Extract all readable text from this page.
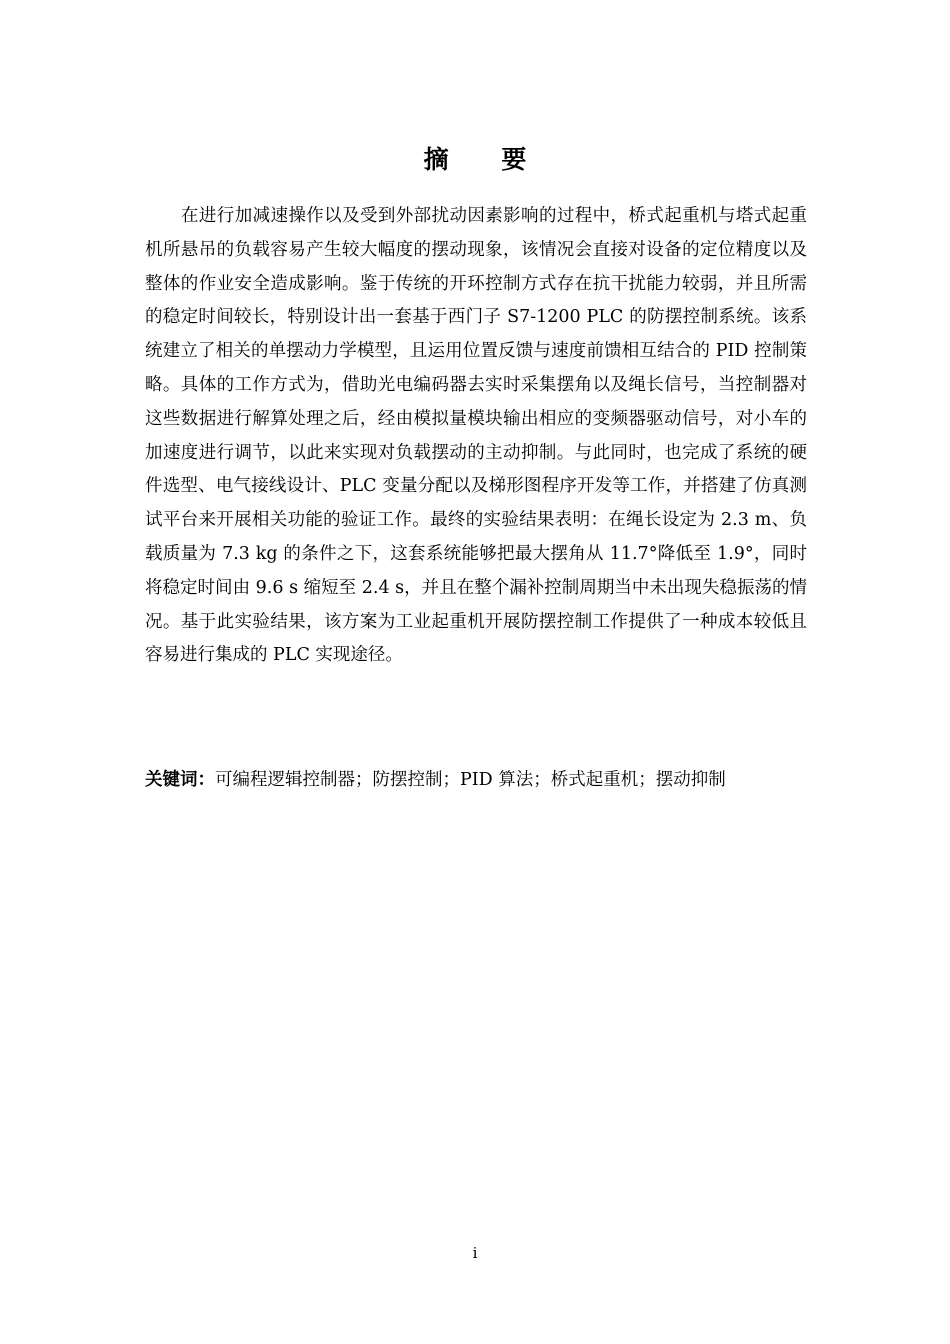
摘 要

在进行加减速操作以及受到外部扰动因素影响的过程中，桥式起重机与塔式起重机所悬吊的负载容易产生较大幅度的摆动现象，该情况会直接对设备的定位精度以及整体的作业安全造成影响。鉴于传统的开环控制方式存在抗干扰能力较弱，并且所需的稳定时间较长，特别设计出一套基于西门子 S7-1200 PLC 的防摆控制系统。该系统建立了相关的单摆动力学模型，且运用位置反馈与速度前馈相互结合的 PID 控制策略。具体的工作方式为，借助光电编码器去实时采集摆角以及绳长信号，当控制器对这些数据进行解算处理之后，经由模拟量模块输出相应的变频器驱动信号，对小车的加速度进行调节，以此来实现对负载摆动的主动抑制。与此同时，也完成了系统的硬件选型、电气接线设计、PLC 变量分配以及梯形图程序开发等工作，并搭建了仿真测试平台来开展相关功能的验证工作。最终的实验结果表明：在绳长设定为 2.3 m、负载质量为 7.3 kg 的条件之下，这套系统能够把最大摆角从 11.7°降低至 1.9°，同时将稳定时间由 9.6 s 缩短至 2.4 s，并且在整个漏补控制周期当中未出现失稳振荡的情况。基于此实验结果，该方案为工业起重机开展防摆控制工作提供了一种成本较低且容易进行集成的 PLC 实现途径。

关键词：可编程逻辑控制器；防摆控制；PID 算法；桥式起重机；摆动抑制

i
